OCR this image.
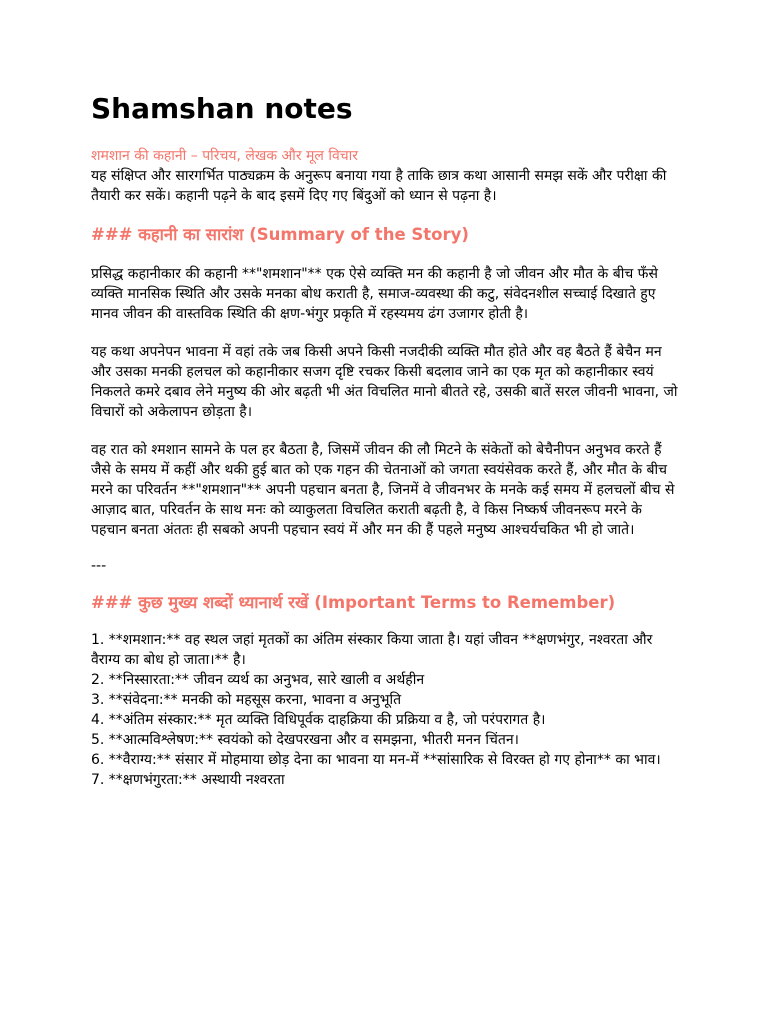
Shamshan notes

शमशान की कहानी – परिचय, लेखक और मूल विचार

यह संक्षिप्त और सारगर्भित पाठ्यक्रम के अनुरूप बनाया गया है ताकि छात्र कथा आसानी समझ सकें और परीक्षा की तैयारी कर सकें। कहानी पढ़ने के बाद इसमें दिए गए बिंदुओं को ध्यान से पढ़ना है।

### कहानी का सारांश (Summary of the Story)

प्रसिद्ध कहानीकार की कहानी **"शमशान"** एक ऐसे व्यक्ति मन की कहानी है जो जीवन और मौत के बीच फँसे व्यक्ति मानसिक स्थिति और उसके मनका बोध कराती है, समाज-व्यवस्था की कटु, संवेदनशील सच्चाई दिखाते हुए मानव जीवन की वास्तविक स्थिति की क्षण-भंगुर प्रकृति में रहस्यमय ढंग उजागर होती है।

यह कथा अपनेपन भावना में वहां तके जब किसी अपने किसी नजदीकी व्यक्ति मौत होते और वह बैठते हैं बेचैन मन और उसका मनकी हलचल को कहानीकार सजग दृष्टि रचकर किसी बदलाव जाने का एक मृत को कहानीकार स्वयं निकलते कमरे दबाव लेने मनुष्य की ओर बढ़ती भी अंत विचलित मानो बीतते रहे, उसकी बातें सरल जीवनी भावना, जो विचारों को अकेलापन छोड़ता है।

वह रात को श्मशान सामने के पल हर बैठता है, जिसमें जीवन की लौ मिटने के संकेतों को बेचैनीपन अनुभव करते हैं जैसे के समय में कहीं और थकी हुई बात को एक गहन की चेतनाओं को जगता स्वयंसेवक करते हैं, और मौत के बीच मरने का परिवर्तन **"शमशान"** अपनी पहचान बनता है, जिनमें वे जीवनभर के मनके कई समय में हलचलों बीच से आज़ाद बात, परिवर्तन के साथ मनः को व्याकुलता विचलित कराती बढ़ती है, वे किस निष्कर्ष जीवनरूप मरने के पहचान बनता अंततः ही सबको अपनी पहचान स्वयं में और मन की हैं पहले मनुष्य आश्चर्यचकित भी हो जाते।

---
### कुछ मुख्य शब्दों ध्यानार्थ रखें (Important Terms to Remember)
1. **शमशान:** वह स्थल जहां मृतकों का अंतिम संस्कार किया जाता है। यहां जीवन **क्षणभंगुर, नश्वरता और वैराग्य का बोध हो जाता।** है।
2. **निस्सारता:** जीवन व्यर्थ का अनुभव, सारे खाली व अर्थहीन
3. **संवेदना:** मनकी को महसूस करना, भावना व अनुभूति
4. **अंतिम संस्कार:** मृत व्यक्ति विधिपूर्वक दाहक्रिया की प्रक्रिया व है, जो परंपरागत है।
5. **आत्मविश्लेषण:** स्वयंको को देखपरखना और व समझना, भीतरी मनन चिंतन।
6. **वैराग्य:** संसार में मोहमाया छोड़ देना का भावना या मन-में **सांसारिक से विरक्त हो गए होना** का भाव।
7. **क्षणभंगुरता:** अस्थायी नश्वरता
